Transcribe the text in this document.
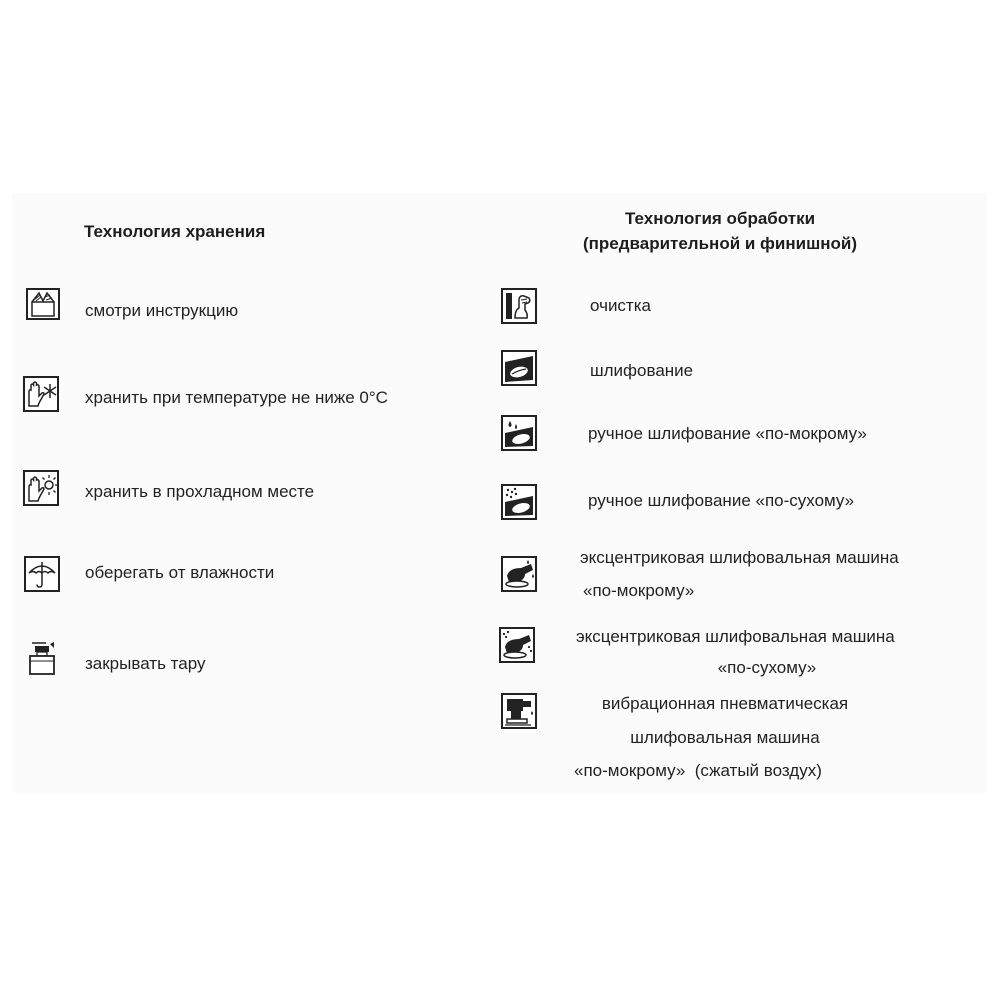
Технология хранения
смотри инструкцию
хранить при температуре не ниже 0°C
хранить в прохладном месте
оберегать от влажности
закрывать тару
Технология обработки
(предварительной и финишной)
очистка
шлифование
ручное шлифование «по-мокрому»
ручное шлифование «по-сухому»
эксцентриковая шлифовальная машина
«по-мокрому»
эксцентриковая шлифовальная машина
«по-сухому»
вибрационная пневматическая
шлифовальная машина
«по-мокрому»  (сжатый воздух)
